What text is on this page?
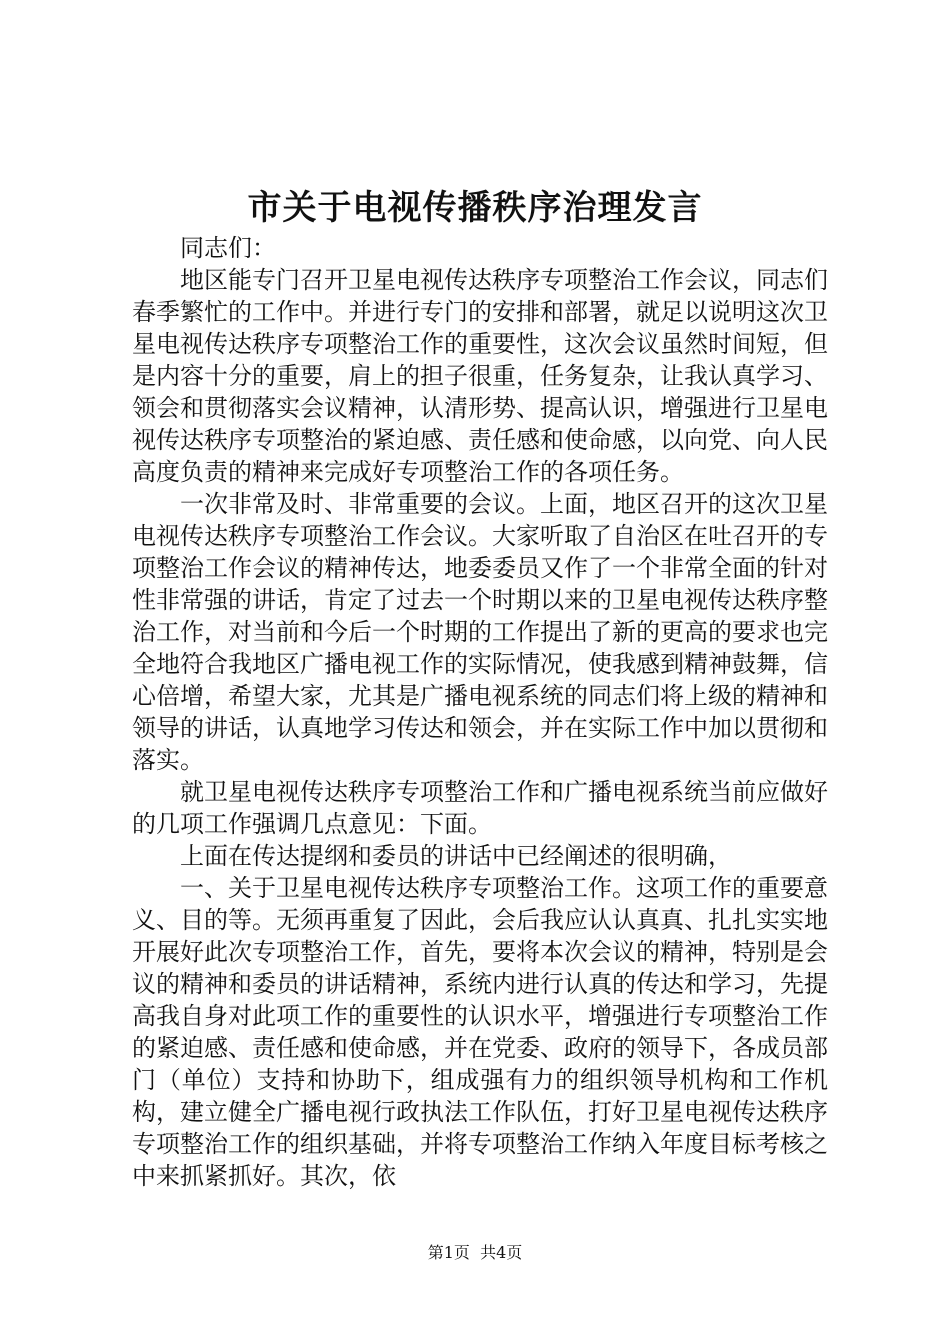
市关于电视传播秩序治理发言

同志们：

地区能专门召开卫星电视传达秩序专项整治工作会议，同志们春季繁忙的工作中。并进行专门的安排和部署，就足以说明这次卫星电视传达秩序专项整治工作的重要性，这次会议虽然时间短，但是内容十分的重要，肩上的担子很重，任务复杂，让我认真学习、领会和贯彻落实会议精神，认清形势、提高认识，增强进行卫星电视传达秩序专项整治的紧迫感、责任感和使命感，以向党、向人民高度负责的精神来完成好专项整治工作的各项任务。

一次非常及时、非常重要的会议。上面，地区召开的这次卫星电视传达秩序专项整治工作会议。大家听取了自治区在吐召开的专项整治工作会议的精神传达，地委委员又作了一个非常全面的针对性非常强的讲话，肯定了过去一个时期以来的卫星电视传达秩序整治工作，对当前和今后一个时期的工作提出了新的更高的要求也完全地符合我地区广播电视工作的实际情况，使我感到精神鼓舞，信心倍增，希望大家，尤其是广播电视系统的同志们将上级的精神和领导的讲话，认真地学习传达和领会，并在实际工作中加以贯彻和落实。

就卫星电视传达秩序专项整治工作和广播电视系统当前应做好的几项工作强调几点意见：下面。

上面在传达提纲和委员的讲话中已经阐述的很明确，

一、关于卫星电视传达秩序专项整治工作。这项工作的重要意义、目的等。无须再重复了因此，会后我应认认真真、扎扎实实地开展好此次专项整治工作，首先，要将本次会议的精神，特别是会议的精神和委员的讲话精神，系统内进行认真的传达和学习，先提高我自身对此项工作的重要性的认识水平，增强进行专项整治工作的紧迫感、责任感和使命感，并在党委、政府的领导下，各成员部门（单位）支持和协助下，组成强有力的组织领导机构和工作机构，建立健全广播电视行政执法工作队伍，打好卫星电视传达秩序专项整治工作的组织基础，并将专项整治工作纳入年度目标考核之中来抓紧抓好。其次，依

第1页  共4页
